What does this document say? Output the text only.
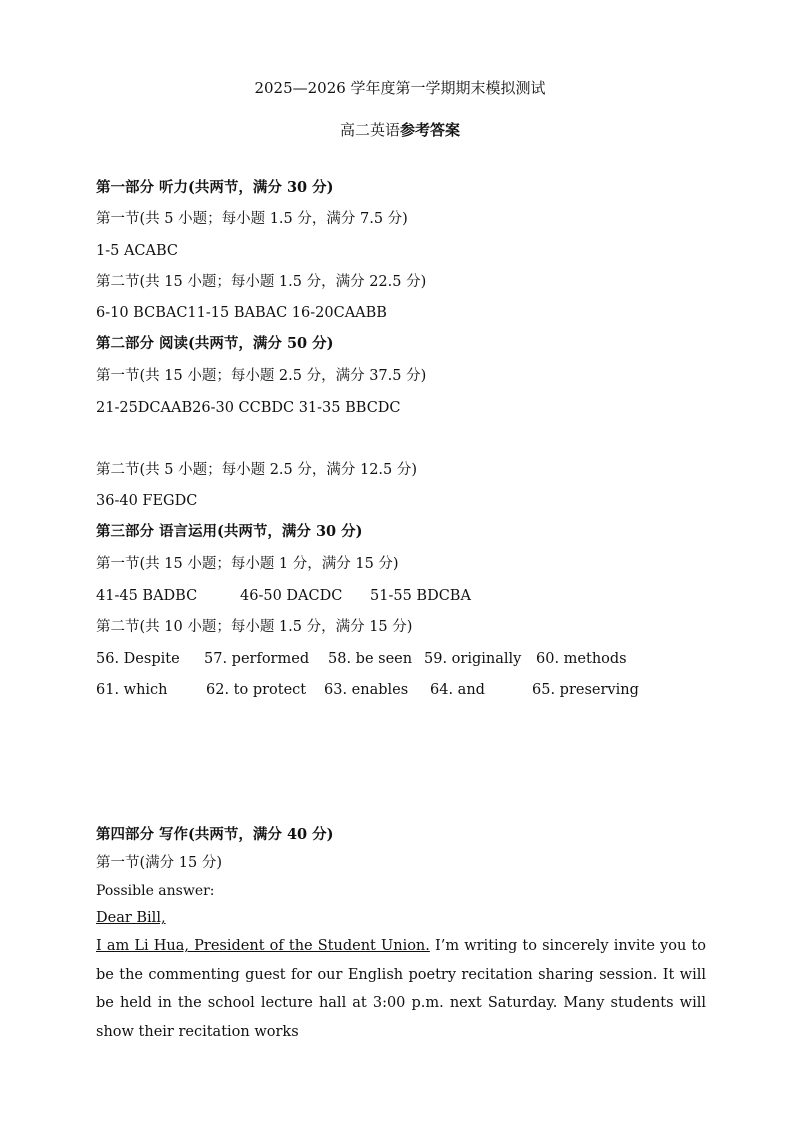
2025—2026 学年度第一学期期末模拟测试
高二英语参考答案
第一部分 听力(共两节，满分 30 分)
第一节(共 5 小题；每小题 1.5 分，满分 7.5 分)
1-5 ACABC
第二节(共 15 小题；每小题 1.5 分，满分 22.5 分)
6-10 BCBAC11-15 BABAC 16-20CAABB
第二部分 阅读(共两节，满分 50 分)
第一节(共 15 小题；每小题 2.5 分，满分 37.5 分)
21-25DCAAB26-30 CCBDC 31-35 BBCDC
第二节(共 5 小题；每小题 2.5 分，满分 12.5 分)
36-40 FEGDC
第三部分 语言运用(共两节，满分 30 分)
第一节(共 15 小题；每小题 1 分，满分 15 分)
41-45 BADBC	46-50 DACDC 51-55 BDCBA
第二节(共 10 小题；每小题 1.5 分，满分 15 分)
56. Despite 57. performed 58. be seen 59. originally 60. methods
61. which	62. to protect 63. enables 64. and	65. preserving
第四部分 写作(共两节，满分 40 分)
第一节(满分 15 分)
Possible answer:
Dear Bill,
I am Li Hua, President of the Student Union. I’m writing to sincerely invite you to be the commenting guest for our English poetry recitation sharing session. It will be held in the school lecture hall at 3:00 p.m. next Saturday. Many students will show their recitation works
